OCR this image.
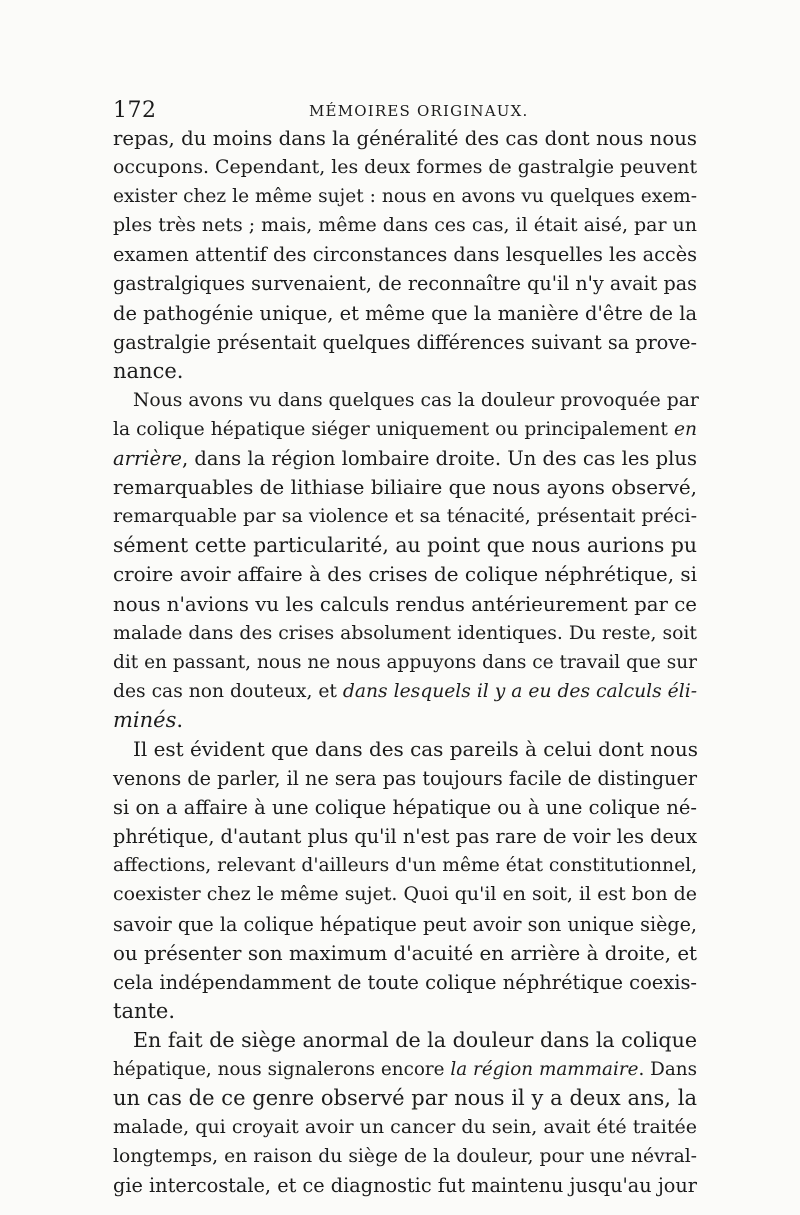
172	MÉMOIRES ORIGINAUX.
repas, du moins dans la généralité des cas dont nous nous
occupons. Cependant, les deux formes de gastralgie peuvent
exister chez le même sujet : nous en avons vu quelques exem-
ples très nets ; mais, même dans ces cas, il était aisé, par un
examen attentif des circonstances dans lesquelles les accès
gastralgiques survenaient, de reconnaître qu'il n'y avait pas
de pathogénie unique, et même que la manière d'être de la
gastralgie présentait quelques différences suivant sa prove-
nance.
Nous avons vu dans quelques cas la douleur provoquée par
la colique hépatique siéger uniquement ou principalement en
arrière, dans la région lombaire droite. Un des cas les plus
remarquables de lithiase biliaire que nous ayons observé,
remarquable par sa violence et sa ténacité, présentait préci-
sément cette particularité, au point que nous aurions pu
croire avoir affaire à des crises de colique néphrétique, si
nous n'avions vu les calculs rendus antérieurement par ce
malade dans des crises absolument identiques. Du reste, soit
dit en passant, nous ne nous appuyons dans ce travail que sur
des cas non douteux, et dans lesquels il y a eu des calculs éli-
minés.
Il est évident que dans des cas pareils à celui dont nous
venons de parler, il ne sera pas toujours facile de distinguer
si on a affaire à une colique hépatique ou à une colique né-
phrétique, d'autant plus qu'il n'est pas rare de voir les deux
affections, relevant d'ailleurs d'un même état constitutionnel,
coexister chez le même sujet. Quoi qu'il en soit, il est bon de
savoir que la colique hépatique peut avoir son unique siège,
ou présenter son maximum d'acuité en arrière à droite, et
cela indépendamment de toute colique néphrétique coexis-
tante.
En fait de siège anormal de la douleur dans la colique
hépatique, nous signalerons encore la région mammaire. Dans
un cas de ce genre observé par nous il y a deux ans, la
malade, qui croyait avoir un cancer du sein, avait été traitée
longtemps, en raison du siège de la douleur, pour une névral-
gie intercostale, et ce diagnostic fut maintenu jusqu'au jour
